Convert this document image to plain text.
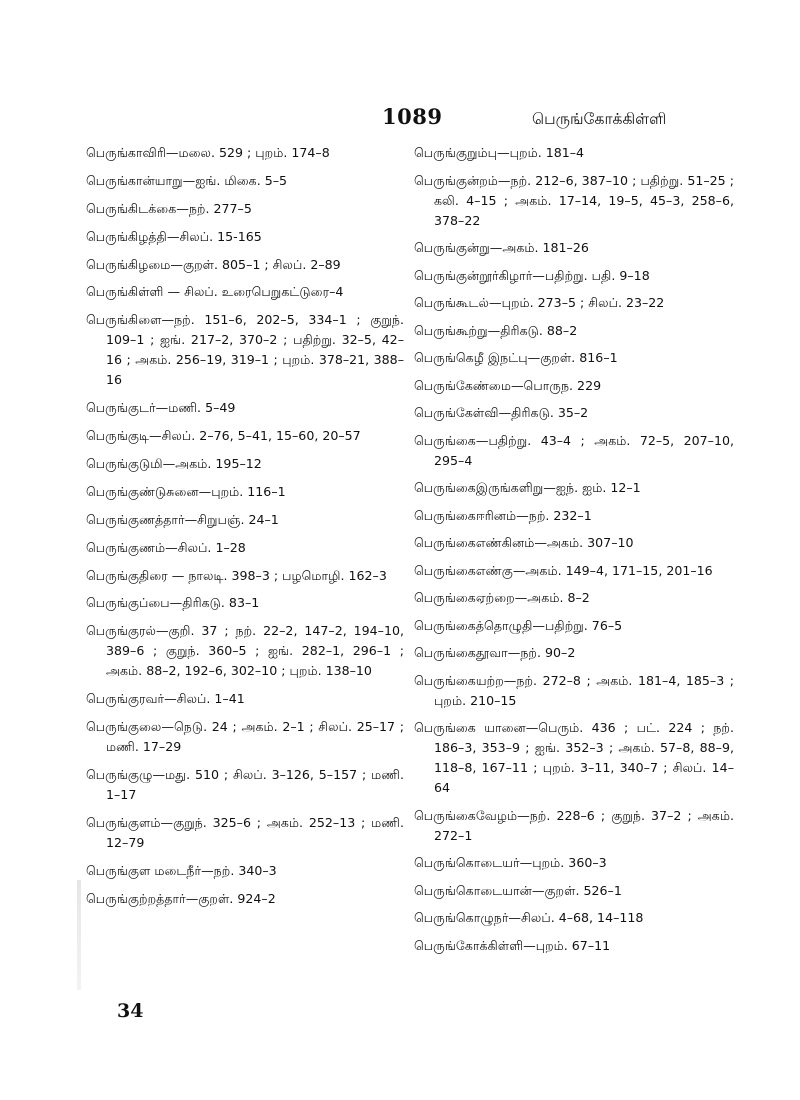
1089	பெருங்கோக்கிள்ளி
பெருங்காவிரி—மலை. 529 ; புறம். 174–8
பெருங்கான்யாறு—ஐங். மிகை. 5–5
பெருங்கிடக்கை—நற். 277–5
பெருங்கிழத்தி—சிலப். 15-165
பெருங்கிழமை—குறள். 805–1 ; சிலப். 2–89
பெருங்கிள்ளி — சிலப். உரைபெறுகட்டுரை–4
பெருங்கிளை—நற். 151–6, 202–5, 334–1 ; குறுந். 109–1 ; ஐங். 217–2, 370–2 ; பதிற்று. 32–5, 42–16 ; அகம். 256–19, 319–1 ; புறம். 378–21, 388–16
பெருங்குடர்—மணி. 5–49
பெருங்குடி—சிலப். 2–76, 5–41, 15–60, 20–57
பெருங்குடுமி—அகம். 195–12
பெருங்குண்டுசுனை—புறம். 116–1
பெருங்குணத்தார்—சிறுபஞ். 24–1
பெருங்குணம்—சிலப். 1–28
பெருங்குதிரை — நாலடி. 398–3 ; பழமொழி. 162–3
பெருங்குப்பை—திரிகடு. 83–1
பெருங்குரல்—குறி. 37 ; நற். 22–2, 147–2, 194–10, 389–6 ; குறுந். 360–5 ; ஐங். 282–1, 296–1 ; அகம். 88–2, 192–6, 302–10 ; புறம். 138–10
பெருங்குரவர்—சிலப். 1–41
பெருங்குலை—நெடு. 24 ; அகம். 2–1 ; சிலப். 25–17 ; மணி. 17–29
பெருங்குழு—மது. 510 ; சிலப். 3–126, 5–157 ; மணி. 1–17
பெருங்குளம்—குறுந். 325–6 ; அகம். 252–13 ; மணி. 12–79
பெருங்குள மடைநீர்—நற். 340–3
பெருங்குற்றத்தார்—குறள். 924–2
பெருங்குறும்பு—புறம். 181–4
பெருங்குன்றம்—நற். 212–6, 387–10 ; பதிற்று. 51–25 ; கலி. 4–15 ; அகம். 17–14, 19–5, 45–3, 258–6, 378–22
பெருங்குன்று—அகம். 181–26
பெருங்குன்றூர்கிழார்—பதிற்று. பதி. 9–18
பெருங்கூடல்—புறம். 273–5 ; சிலப். 23–22
பெருங்கூற்று—திரிகடு. 88–2
பெருங்கெழீ இநட்பு—குறள். 816–1
பெருங்கேண்மை—பொருந. 229
பெருங்கேள்வி—திரிகடு. 35–2
பெருங்கை—பதிற்று. 43–4 ; அகம். 72–5, 207–10, 295–4
பெருங்கைஇருங்களிறு—ஐந். ஐம். 12–1
பெருங்கைஈரினம்—நற். 232–1
பெருங்கைஎண்கினம்—அகம். 307–10
பெருங்கைஎண்கு—அகம். 149–4, 171–15, 201–16
பெருங்கைஏற்றை—அகம். 8–2
பெருங்கைத்தொழுதி—பதிற்று. 76–5
பெருங்கைதூவா—நற். 90–2
பெருங்கையற்ற—நற். 272–8 ; அகம். 181–4, 185–3 ; புறம். 210–15
பெருங்கை யானை—பெரும். 436 ; பட். 224 ; நற். 186–3, 353–9 ; ஐங். 352–3 ; அகம். 57–8, 88–9, 118–8, 167–11 ; புறம். 3–11, 340–7 ; சிலப். 14–64
பெருங்கைவேழம்—நற். 228–6 ; குறுந். 37–2 ; அகம். 272–1
பெருங்கொடையர்—புறம். 360–3
பெருங்கொடையான்—குறள். 526–1
பெருங்கொழுநர்—சிலப். 4–68, 14–118
பெருங்கோக்கிள்ளி—புறம். 67–11
34
